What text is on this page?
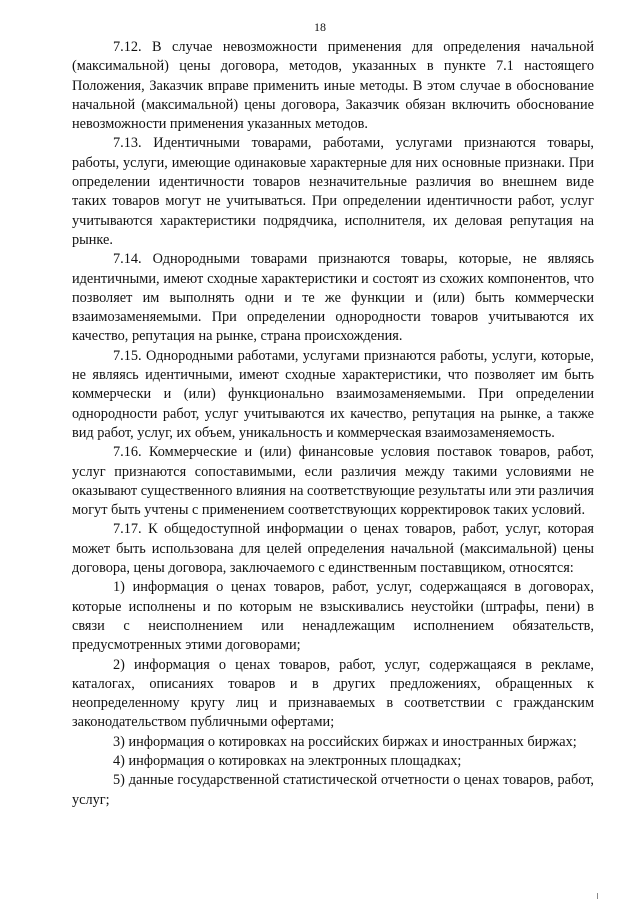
18

7.12. В случае невозможности применения для определения начальной (максимальной) цены договора, методов, указанных в пункте 7.1 настоящего Положения, Заказчик вправе применить иные методы. В этом случае в обоснование начальной (максимальной) цены договора, Заказчик обязан включить обоснование невозможности применения указанных методов.

7.13. Идентичными товарами, работами, услугами признаются товары, работы, услуги, имеющие одинаковые характерные для них основные признаки. При определении идентичности товаров незначительные различия во внешнем виде таких товаров могут не учитываться. При определении идентичности работ, услуг учитываются характеристики подрядчика, исполнителя, их деловая репутация на рынке.

7.14. Однородными товарами признаются товары, которые, не являясь идентичными, имеют сходные характеристики и состоят из схожих компонентов, что позволяет им выполнять одни и те же функции и (или) быть коммерчески взаимозаменяемыми. При определении однородности товаров учитываются их качество, репутация на рынке, страна происхождения.

7.15. Однородными работами, услугами признаются работы, услуги, которые, не являясь идентичными, имеют сходные характеристики, что позволяет им быть коммерчески и (или) функционально взаимозаменяемыми. При определении однородности работ, услуг учитываются их качество, репутация на рынке, а также вид работ, услуг, их объем, уникальность и коммерческая взаимозаменяемость.

7.16. Коммерческие и (или) финансовые условия поставок товаров, работ, услуг признаются сопоставимыми, если различия между такими условиями не оказывают существенного влияния на соответствующие результаты или эти различия могут быть учтены с применением соответствующих корректировок таких условий.

7.17. К общедоступной информации о ценах товаров, работ, услуг, которая может быть использована для целей определения начальной (максимальной) цены договора, цены договора, заключаемого с единственным поставщиком, относятся:

1) информация о ценах товаров, работ, услуг, содержащаяся в договорах, которые исполнены и по которым не взыскивались неустойки (штрафы, пени) в связи с неисполнением или ненадлежащим исполнением обязательств, предусмотренных этими договорами;

2) информация о ценах товаров, работ, услуг, содержащаяся в рекламе, каталогах, описаниях товаров и в других предложениях, обращенных к неопределенному кругу лиц и признаваемых в соответствии с гражданским законодательством публичными офертами;

3) информация о котировках на российских биржах и иностранных биржах;

4) информация о котировках на электронных площадках;

5) данные государственной статистической отчетности о ценах товаров, работ, услуг;
